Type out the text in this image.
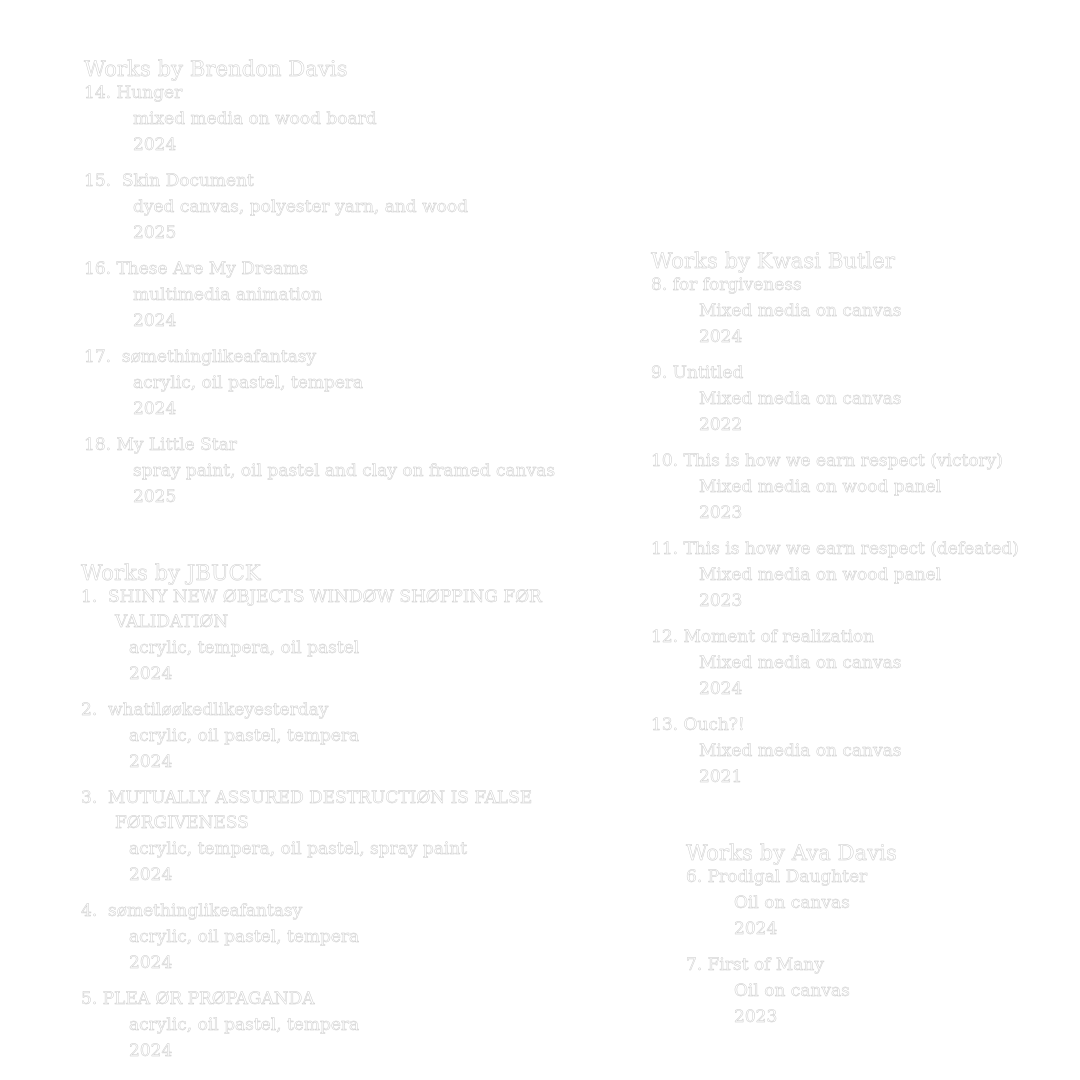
Works by Brendon Davis
14. Hunger
mixed media on wood board
2024
15.  Skin Document
dyed canvas, polyester yarn, and wood
2025
16. These Are My Dreams
multimedia animation
2024
17.  sømethinglikeafantasy
acrylic, oil pastel, tempera
2024
18. My Little Star
spray paint, oil pastel and clay on framed canvas
2025
Works by JBUCK
1.  SHINY NEW ØBJECTS WINDØW SHØPPING FØR VALIDATIØN
acrylic, tempera, oil pastel
2024
2.  whatiløøkedlikeyesterday
acrylic, oil pastel, tempera
2024
3.  MUTUALLY ASSURED DESTRUCTIØN IS FALSE FØRGIVENESS
acrylic, tempera, oil pastel, spray paint
2024
4.  sømethinglikeafantasy
acrylic, oil pastel, tempera
2024
5. PLEA ØR PRØPAGANDA
acrylic, oil pastel, tempera
2024
Works by Kwasi Butler
8. for forgiveness
Mixed media on canvas
2024
9. Untitled
Mixed media on canvas
2022
10. This is how we earn respect (victory)
Mixed media on wood panel
2023
11. This is how we earn respect (defeated)
Mixed media on wood panel
2023
12. Moment of realization
Mixed media on canvas
2024
13. Ouch?!
Mixed media on canvas
2021
Works by Ava Davis
6. Prodigal Daughter
Oil on canvas
2024
7. First of Many
Oil on canvas
2023
